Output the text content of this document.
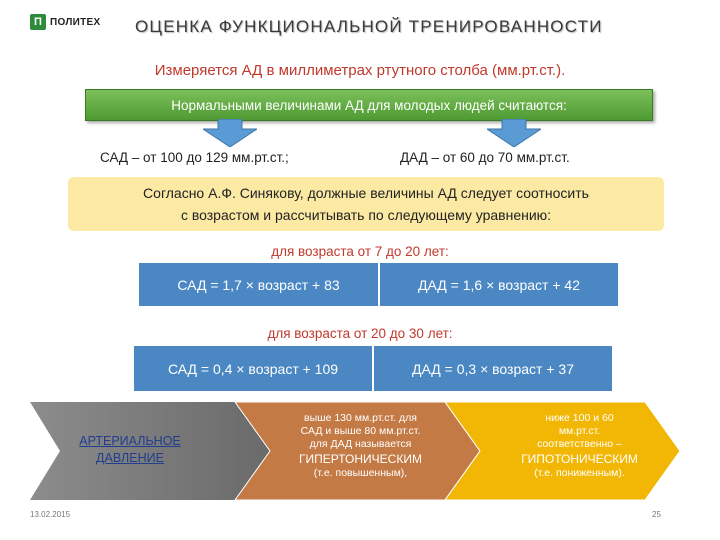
П ПОЛИТЕХ ОЦЕНКА ФУНКЦИОНАЛЬНОЙ ТРЕНИРОВАННОСТИ
Измеряется АД в миллиметрах ртутного столба (мм.рт.ст.).
Нормальными величинами АД для молодых людей считаются:
САД – от 100 до 129 мм.рт.ст.;	ДАД – от 60 до 70 мм.рт.ст.
Согласно А.Ф. Синякову, должные величины АД следует соотносить
с возрастом и рассчитывать по следующему уравнению:
для возраста от 7 до 20 лет:
САД = 1,7 × возраст + 83	ДАД = 1,6 × возраст + 42
для возраста от 20 до 30 лет:
САД = 0,4 × возраст + 109	ДАД = 0,3 × возраст + 37
АРТЕРИАЛЬНОЕ
ДАВЛЕНИЕ
выше 130 мм.рт.ст. для
САД и выше 80 мм.рт.ст.
для ДАД называется
ГИПЕРТОНИЧЕСКИМ
(т.е. повышенным),
ниже 100 и 60
мм.рт.ст.
соответственно –
ГИПОТОНИЧЕСКИМ
(т.е. пониженным).
13.02.2015	25
